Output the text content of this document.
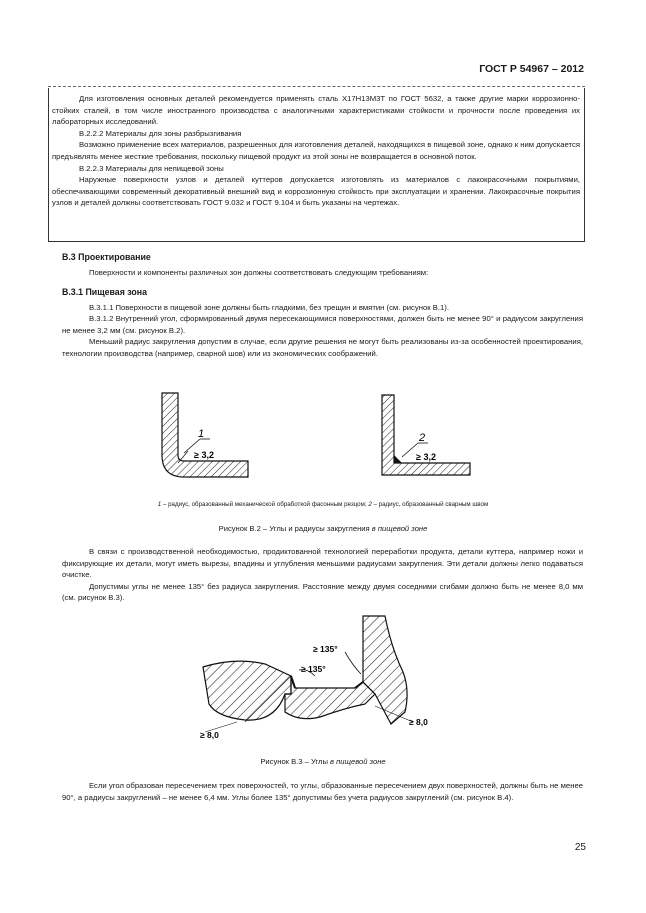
ГОСТ Р 54967 – 2012

Для изготовления основных деталей рекомендуется применять сталь Х17Н13М3Т по ГОСТ 5632, а также другие марки коррозионно-стойких сталей, в том числе иностранного производства с аналогичными характеристиками стойкости и прочности после проведения их лабораторных исследований.

В.2.2.2 Материалы для зоны разбрызгивания

Возможно применение всех материалов, разрешенных для изготовления деталей, находящихся в пищевой зоне, однако к ним допускается предъявлять менее жесткие требования, поскольку пищевой продукт из этой зоны не возвращается в основной поток.

В.2.2.3 Материалы для непищевой зоны

Наружные поверхности узлов и деталей куттеров допускается изготовлять из материалов с лакокрасочными покрытиями, обеспечивающими современный декоративный внешний вид и коррозионную стойкость при эксплуатации и хранении. Лакокрасочные покрытия узлов и деталей должны соответствовать ГОСТ 9.032 и ГОСТ 9.104 и быть указаны на чертежах.

В.3 Проектирование

Поверхности и компоненты различных зон должны соответствовать следующим требованиям:

В.3.1 Пищевая зона

В.3.1.1 Поверхности в пищевой зоне должны быть гладкими, без трещин и вмятин (см. рисунок В.1).

В.3.1.2 Внутренний угол, сформированный двумя пересекающимися поверхностями, должен быть не менее 90° и радиусом закругления не менее 3,2 мм (см. рисунок В.2).

Меньший радиус закругления допустим в случае, если другие решения не могут быть реализованы из-за особенностей проектирования, технологии производства (например, сварной шов) или из экономических соображений.

1
≥ 3,2
2
≥ 3,2
1 – радиус, образованный механической обработкой фасонным резцом; 2 – радиус, образованный сварным швом
Рисунок В.2 – Углы и радиусы закругления в пищевой зоне

В связи с производственной необходимостью, продиктованной технологией переработки продукта, детали куттера, например ножи и фиксирующие их детали, могут иметь вырезы, впадины и углубления меньшими радиусами закругления. Эти детали должны легко подаваться очистке.

Допустимы углы не менее 135° без радиуса закругления. Расстояние между двумя соседними сгибами должно быть не менее 8,0 мм (см. рисунок В.3).

≥ 135°
≥ 135°
≥ 8,0
≥ 8,0
Рисунок В.3 – Углы в пищевой зоне

Если угол образован пересечением трех поверхностей, то углы, образованные пересечением двух поверхностей, должны быть не менее 90°, а радиусы закруглений – не менее 6,4 мм. Углы более 135° допустимы без учета радиусов закруглений (см. рисунок В.4).

25
